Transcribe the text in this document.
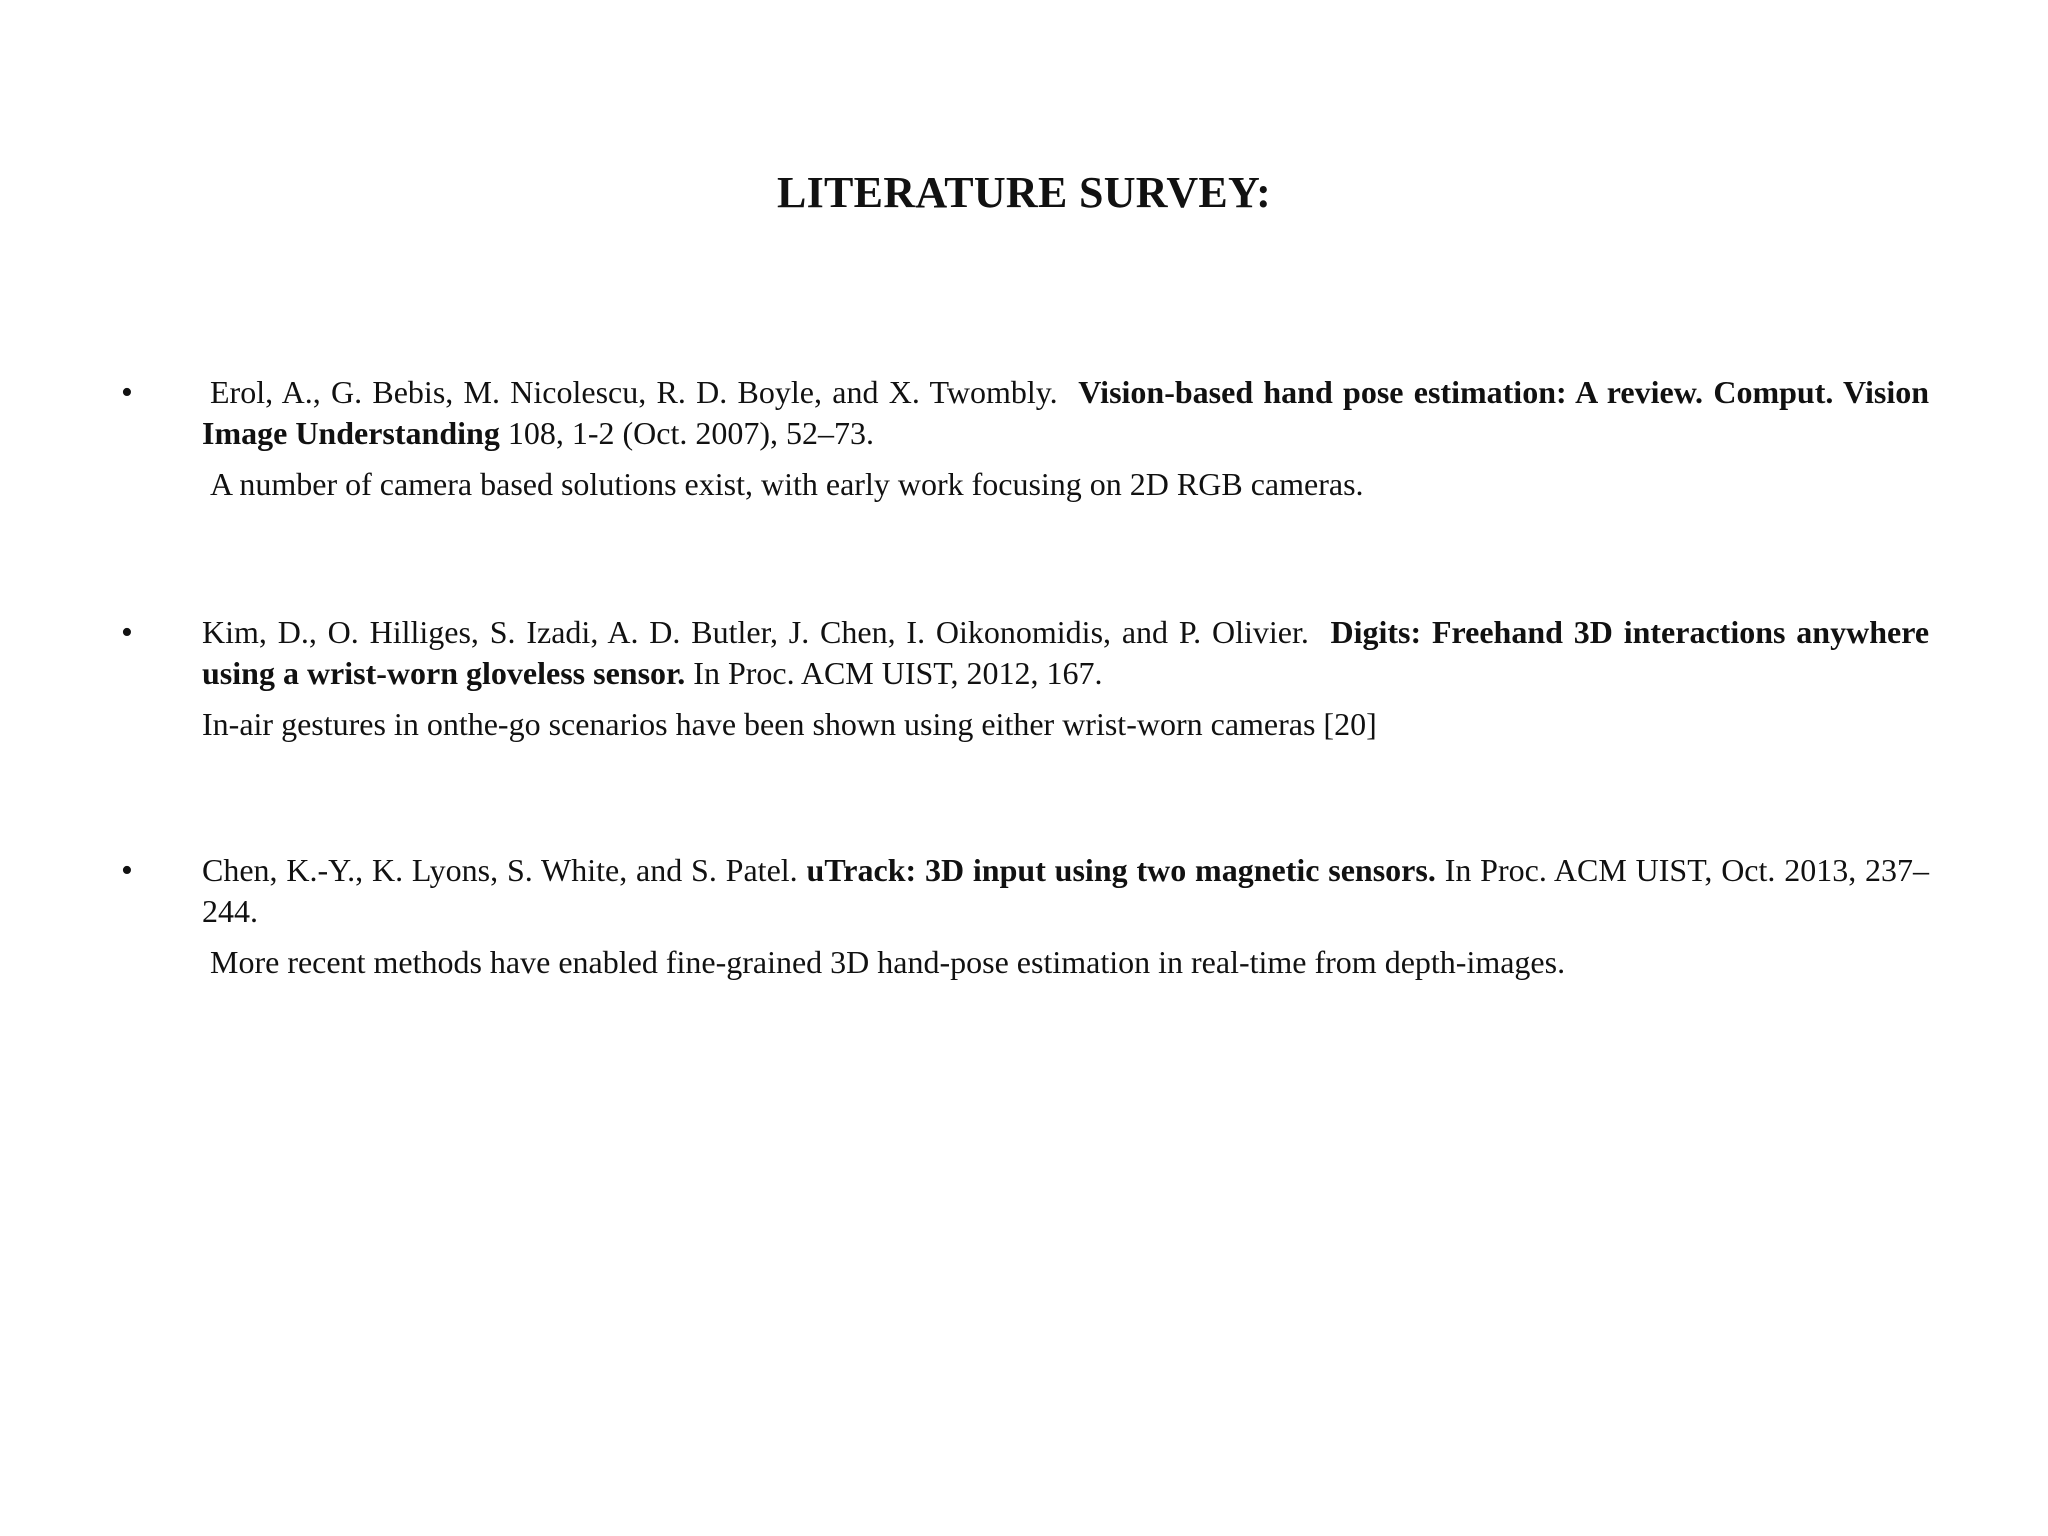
LITERATURE SURVEY:
• Erol, A., G. Bebis, M. Nicolescu, R. D. Boyle, and X. Twombly. Vision-based hand pose estimation: A review. Comput. Vision Image Understanding 108, 1-2 (Oct. 2007), 52–73.
A number of camera based solutions exist, with early work focusing on 2D RGB cameras.
• Kim, D., O. Hilliges, S. Izadi, A. D. Butler, J. Chen, I. Oikonomidis, and P. Olivier. Digits: Freehand 3D interactions anywhere using a wrist-worn gloveless sensor. In Proc. ACM UIST, 2012, 167.
In-air gestures in onthe-go scenarios have been shown using either wrist-worn cameras [20]
• Chen, K.-Y., K. Lyons, S. White, and S. Patel. uTrack: 3D input using two magnetic sensors. In Proc. ACM UIST, Oct. 2013, 237–244.
More recent methods have enabled fine-grained 3D hand-pose estimation in real-time from depth-images.
